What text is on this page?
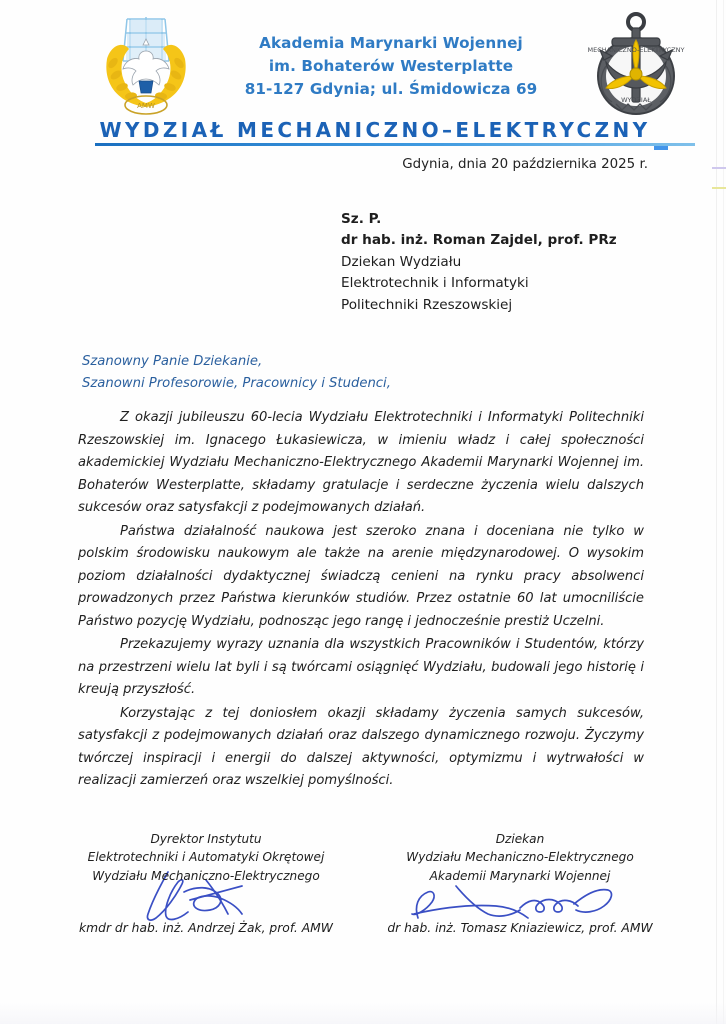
AMW
MECHANICZNO-ELEKTRYCZNY
WYDZIAŁ
Akademia Marynarki Wojennej
im. Bohaterów Westerplatte
81-127 Gdynia; ul. Śmidowicza 69
WYDZIAŁ MECHANICZNO–ELEKTRYCZNY
Gdynia, dnia 20 października 2025 r.
Sz. P.
dr hab. inż. Roman Zajdel, prof. PRz
Dziekan Wydziału
Elektrotechnik i Informatyki
Politechniki Rzeszowskiej
Szanowny Panie Dziekanie,
Szanowni Profesorowie, Pracownicy i Studenci,

Z okazji jubileuszu 60-lecia Wydziału Elektrotechniki i Informatyki Politechniki Rzeszowskiej im. Ignacego Łukasiewicza, w imieniu władz i całej społeczności akademickiej Wydziału Mechaniczno-Elektrycznego Akademii Marynarki Wojennej im. Bohaterów Westerplatte, składamy gratulacje i serdeczne życzenia wielu dalszych sukcesów oraz satysfakcji z podejmowanych działań.

Państwa działalność naukowa jest szeroko znana i doceniana nie tylko w polskim środowisku naukowym ale także na arenie międzynarodowej. O wysokim poziom działalności dydaktycznej świadczą cenieni na rynku pracy absolwenci prowadzonych przez Państwa kierunków studiów. Przez ostatnie 60 lat umocniliście Państwo pozycję Wydziału, podnosząc jego rangę i jednocześnie prestiż Uczelni.

Przekazujemy wyrazy uznania dla wszystkich Pracowników i Studentów, którzy na przestrzeni wielu lat byli i są twórcami osiągnięć Wydziału, budowali jego historię i kreują przyszłość.

Korzystając z tej doniosłem okazji składamy życzenia samych sukcesów, satysfakcji z podejmowanych działań oraz dalszego dynamicznego rozwoju. Życzymy twórczej inspiracji i energii do dalszej aktywności, optymizmu i wytrwałości w realizacji zamierzeń oraz wszelkiej pomyślności.

Dyrektor Instytutu
Elektrotechniki i Automatyki Okrętowej
Wydziału Mechaniczno-Elektrycznego
kmdr dr hab. inż. Andrzej Żak, prof. AMW
Dziekan
Wydziału Mechaniczno-Elektrycznego
Akademii Marynarki Wojennej
dr hab. inż. Tomasz Kniaziewicz, prof. AMW
